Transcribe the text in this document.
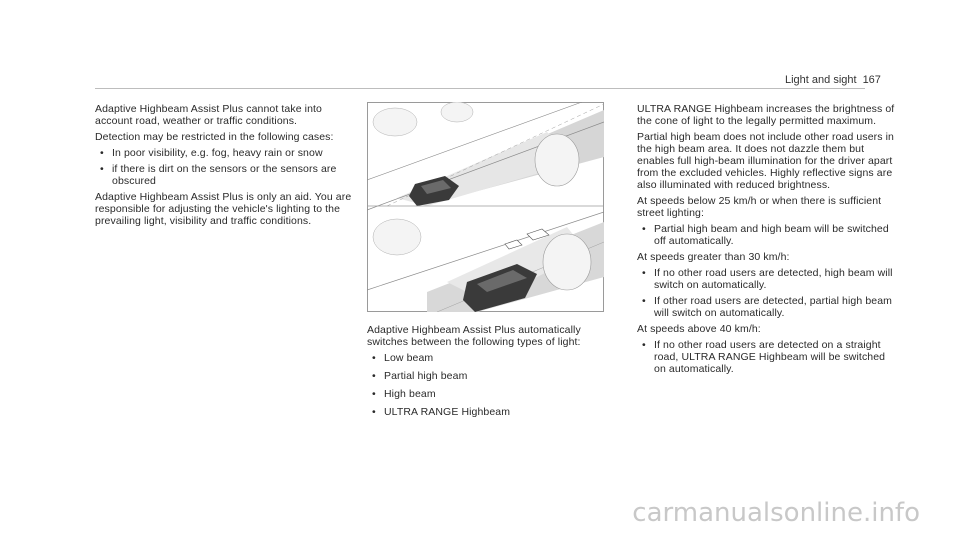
Light and sight 167

Adaptive Highbeam Assist Plus cannot take into account road, weather or traffic conditions.

Detection may be restricted in the following cases:

• In poor visibility, e.g. fog, heavy rain or snow
• if there is dirt on the sensors or the sensors are obscured

Adaptive Highbeam Assist Plus is only an aid. You are responsible for adjusting the vehicle's lighting to the prevailing light, visibility and traffic conditions.

Adaptive Highbeam Assist Plus automatically switches between the following types of light:

• Low beam
• Partial high beam
• High beam
• ULTRA RANGE Highbeam

ULTRA RANGE Highbeam increases the brightness of the cone of light to the legally permitted maximum.

Partial high beam does not include other road users in the high beam area. It does not dazzle them but enables full high-beam illumination for the driver apart from the excluded vehicles. Highly reflective signs are also illuminated with reduced brightness.

At speeds below 25 km/h or when there is sufficient street lighting:

• Partial high beam and high beam will be switched off automatically.

At speeds greater than 30 km/h:

• If no other road users are detected, high beam will switch on automatically.
• If other road users are detected, partial high beam will switch on automatically.

At speeds above 40 km/h:

• If no other road users are detected on a straight road, ULTRA RANGE Highbeam will be switched on automatically.
carmanualsonline.info
